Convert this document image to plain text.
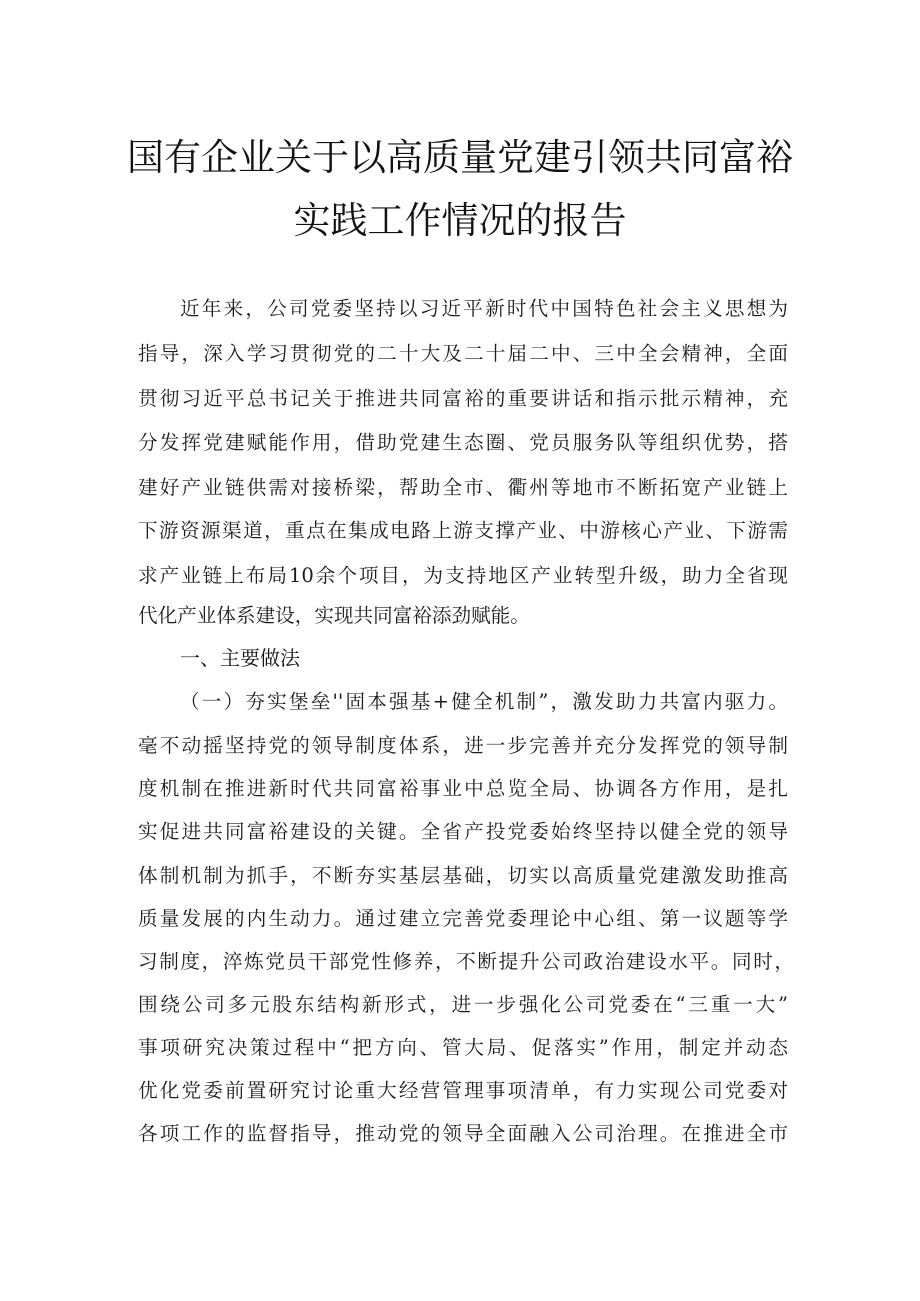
国有企业关于以高质量党建引领共同富裕
实践工作情况的报告
近年来，公司党委坚持以习近平新时代中国特色社会主义思想为
指导，深入学习贯彻党的二十大及二十届二中、三中全会精神，全面
贯彻习近平总书记关于推进共同富裕的重要讲话和指示批示精神，充
分发挥党建赋能作用，借助党建生态圈、党员服务队等组织优势，搭
建好产业链供需对接桥梁，帮助全市、衢州等地市不断拓宽产业链上
下游资源渠道，重点在集成电路上游支撑产业、中游核心产业、下游需
求产业链上布局10余个项目，为支持地区产业转型升级，助力全省现
代化产业体系建设，实现共同富裕添劲赋能。
一、主要做法
（一）夯实堡垒''固本强基+健全机制”，激发助力共富内驱力。
毫不动摇坚持党的领导制度体系，进一步完善并充分发挥党的领导制
度机制在推进新时代共同富裕事业中总览全局、协调各方作用，是扎
实促进共同富裕建设的关键。全省产投党委始终坚持以健全党的领导
体制机制为抓手，不断夯实基层基础，切实以高质量党建激发助推高
质量发展的内生动力。通过建立完善党委理论中心组、第一议题等学
习制度，淬炼党员干部党性修养，不断提升公司政治建设水平。同时，
围绕公司多元股东结构新形式，进一步强化公司党委在“三重一大”
事项研究决策过程中“把方向、管大局、促落实”作用，制定并动态
优化党委前置研究讨论重大经营管理事项清单，有力实现公司党委对
各项工作的监督指导，推动党的领导全面融入公司治理。在推进全市
